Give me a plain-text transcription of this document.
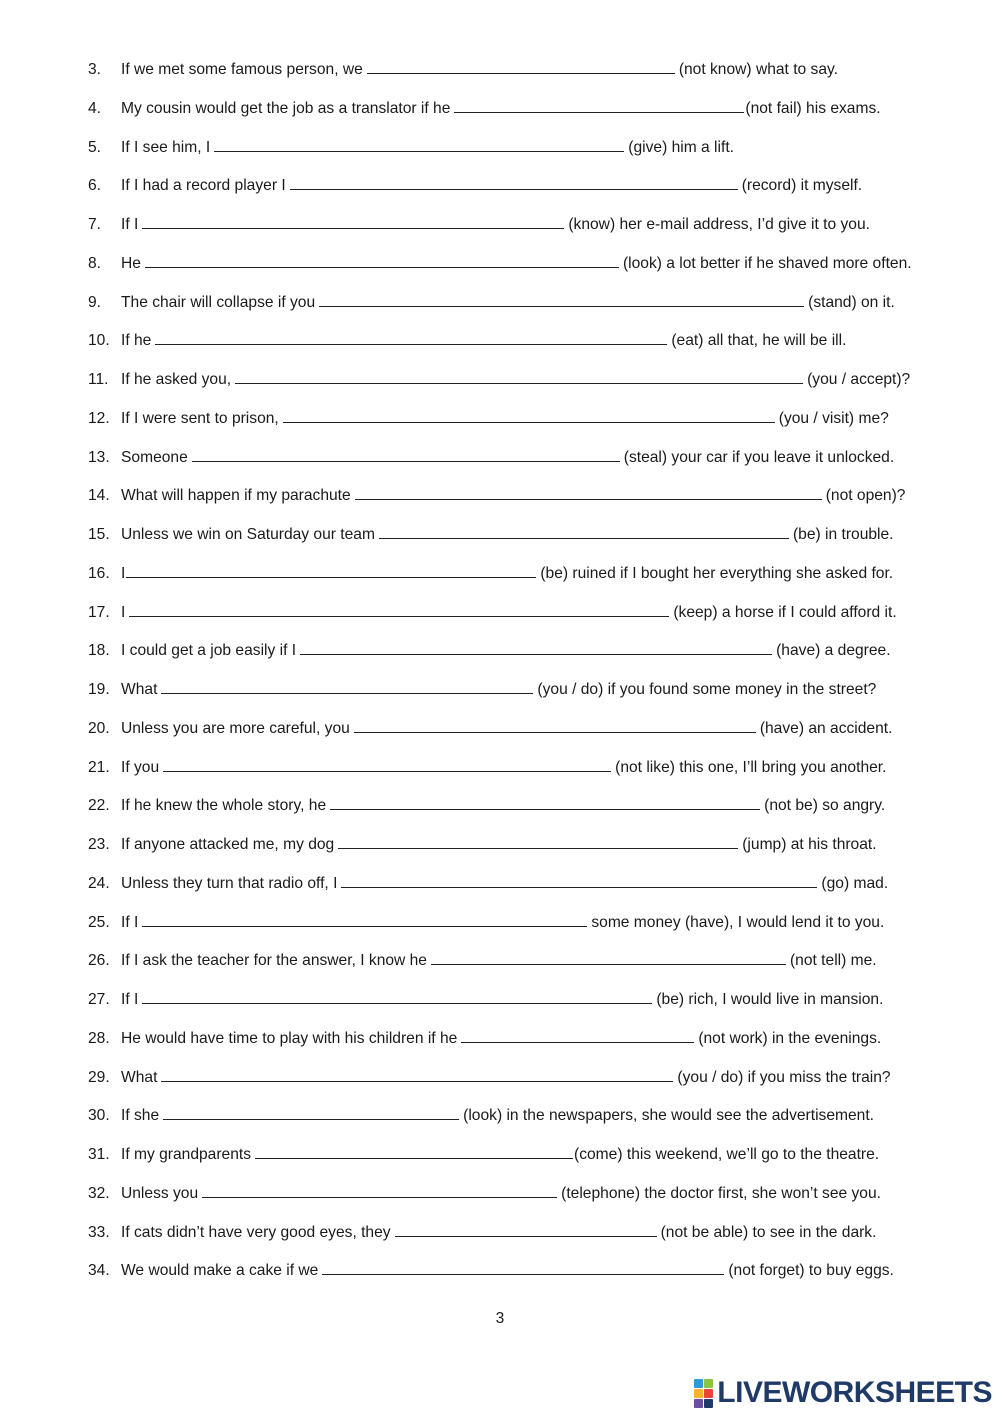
3.	If we met some famous person, we	(not know) what to say.
4.	My cousin would get the job as a translator if he	(not fail) his exams.
5.	If I see him, I	(give) him a lift.
6.	If I had a record player I	(record) it myself.
7.	If I	(know) her e-mail address, I’d give it to you.
8.	He	(look) a lot better if he shaved more often.
9.	The chair will collapse if you	(stand) on it.
10. If he	(eat) all that, he will be ill.
11. If he asked you,	(you / accept)?
12. If I were sent to prison,	(you / visit) me?
13. Someone	(steal) your car if you leave it unlocked.
14. What will happen if my parachute	(not open)?
15. Unless we win on Saturday our team	(be) in trouble.
16. I	(be) ruined if I bought her everything she asked for.
17. I	(keep) a horse if I could afford it.
18. I could get a job easily if I	(have) a degree.
19. What	(you / do) if you found some money in the street?
20. Unless you are more careful, you	(have) an accident.
21. If you	(not like) this one, I’ll bring you another.
22. If he knew the whole story, he	(not be) so angry.
23. If anyone attacked me, my dog	(jump) at his throat.
24. Unless they turn that radio off, I	(go) mad.
25. If I	some money (have), I would lend it to you.
26. If I ask the teacher for the answer, I know he	(not tell) me.
27. If I	(be) rich, I would live in mansion.
28. He would have time to play with his children if he	(not work) in the evenings.
29. What	(you / do) if you miss the train?
30. If she	(look) in the newspapers, she would see the advertisement.
31. If my grandparents	(come) this weekend, we’ll go to the theatre.
32. Unless you	(telephone) the doctor first, she won’t see you.
33. If cats didn’t have very good eyes, they	(not be able) to see in the dark.
34. We would make a cake if we	(not forget) to buy eggs.
3
LIVEWORKSHEETS
